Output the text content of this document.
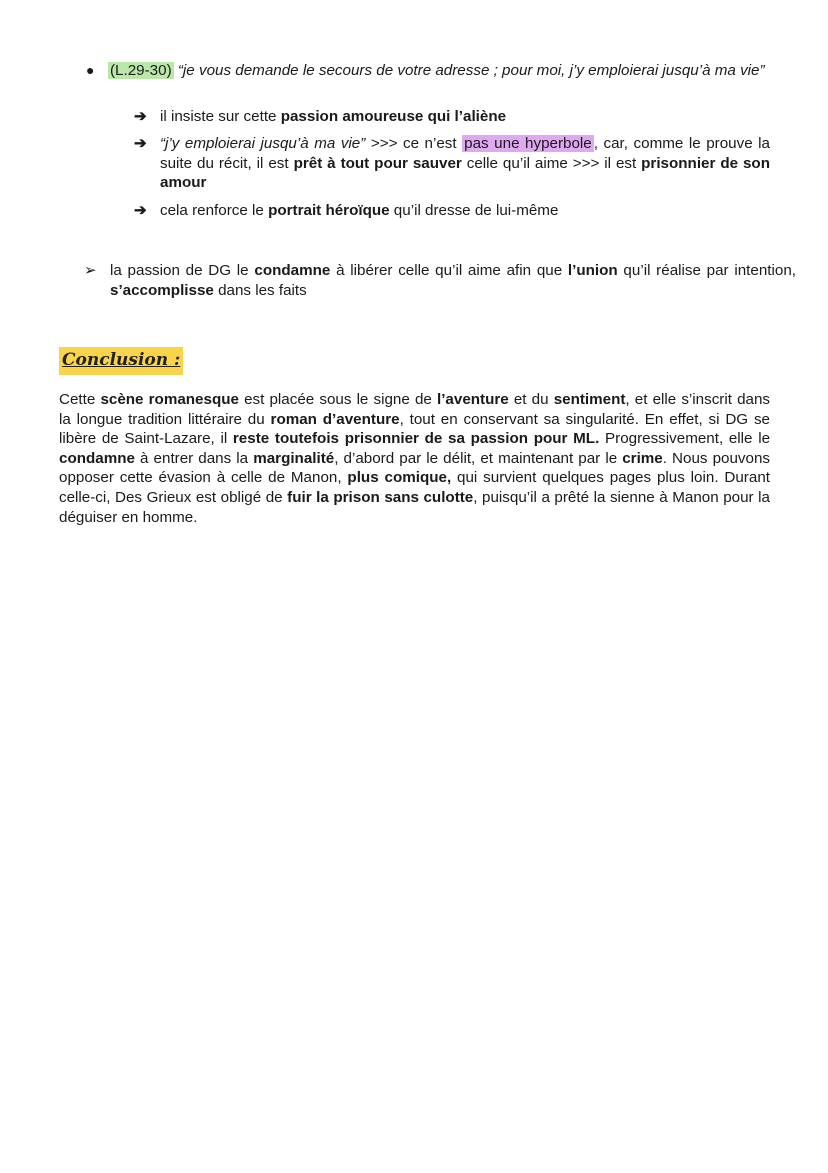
●	(L.29-30) “je vous demande le secours de votre adresse ; pour moi, j’y emploierai jusqu’à ma vie”
➔ il insiste sur cette passion amoureuse qui l’aliène
➔ “j’y emploierai jusqu’à ma vie” >>> ce n’est pas une hyperbole , car, comme le prouve la suite du récit, il est prêt à tout pour sauver celle qu’il aime >>> il est prisonnier de son amour
➔ cela renforce le portrait héroïque qu’il dresse de lui-même
➢ la passion de DG le condamne à libérer celle qu’il aime afin que l’union qu’il réalise par intention, s’accomplisse dans les faits
Conclusion :
Cette scène romanesque est placée sous le signe de l’aventure et du sentiment, et elle s’inscrit dans la longue tradition littéraire du roman d’aventure, tout en conservant sa singularité. En effet, si DG se libère de Saint-Lazare, il reste toutefois prisonnier de sa passion pour ML. Progressivement, elle le condamne à entrer dans la marginalité, d’abord par le délit, et maintenant par le crime. Nous pouvons opposer cette évasion à celle de Manon, plus comique, qui survient quelques pages plus loin. Durant celle-ci, Des Grieux est obligé de fuir la prison sans culotte, puisqu’il a prêté la sienne à Manon pour la déguiser en homme.
